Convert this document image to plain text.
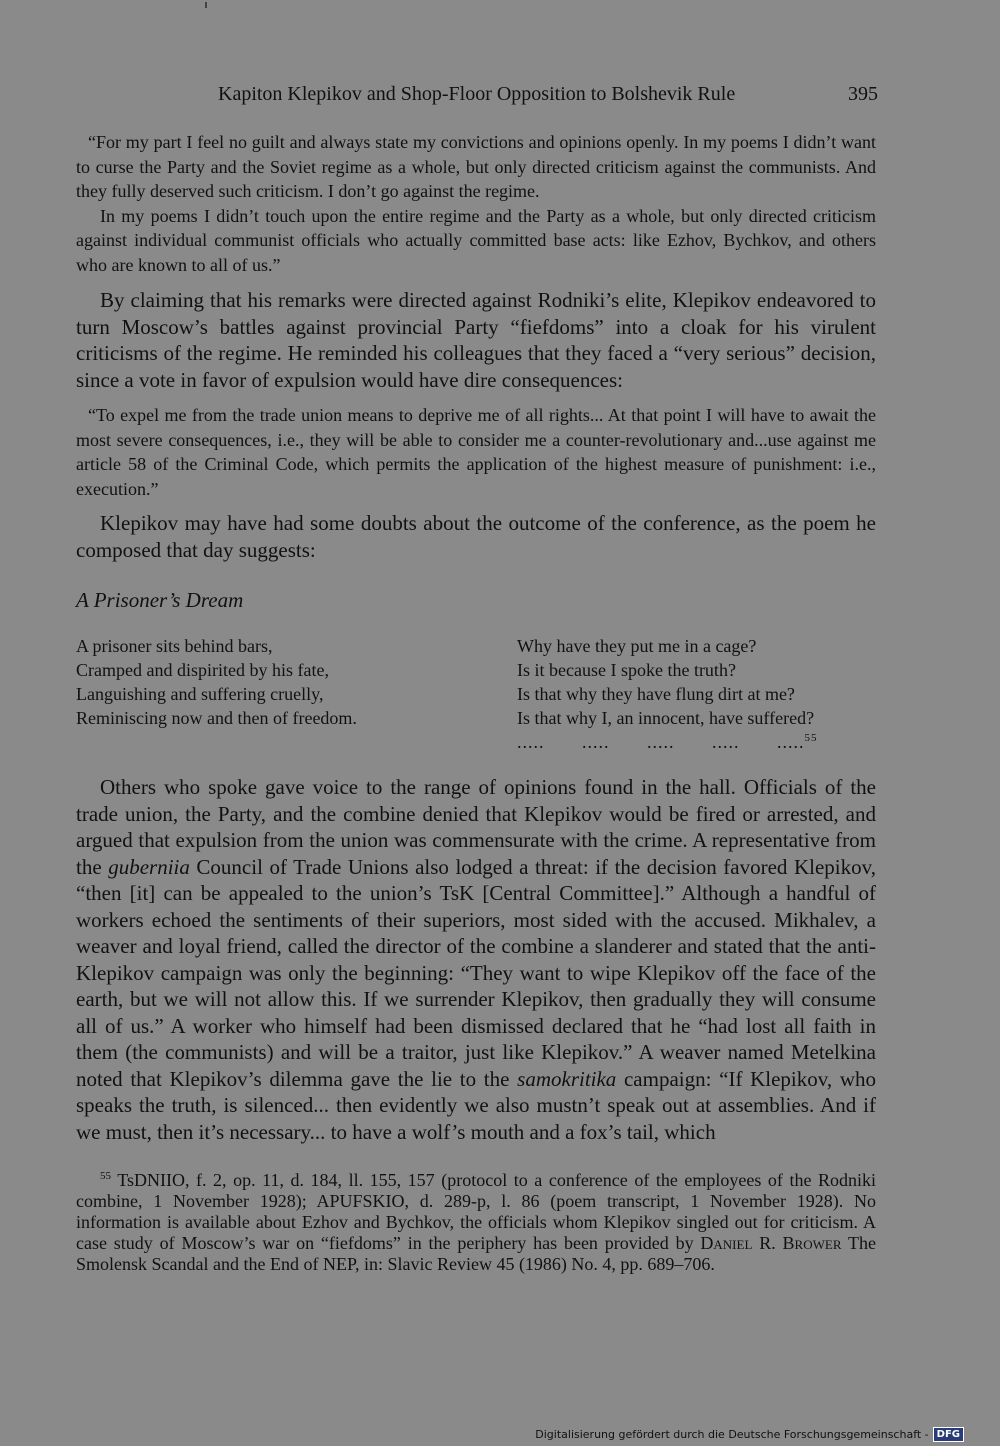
Kapiton Klepikov and Shop-Floor Opposition to Bolshevik Rule	395

“For my part I feel no guilt and always state my convictions and opinions openly. In my poems I didn’t want to curse the Party and the Soviet regime as a whole, but only directed criticism against the communists. And they fully deserved such criticism. I don’t go against the regime.

In my poems I didn’t touch upon the entire regime and the Party as a whole, but only directed criticism against individual communist officials who actually committed base acts: like Ezhov, Bychkov, and others who are known to all of us.”

By claiming that his remarks were directed against Rodniki’s elite, Klepikov endeavored to turn Moscow’s battles against provincial Party “fiefdoms” into a cloak for his virulent criticisms of the regime. He reminded his colleagues that they faced a “very serious” decision, since a vote in favor of expulsion would have dire consequences:

“To expel me from the trade union means to deprive me of all rights... At that point I will have to await the most severe consequences, i.e., they will be able to consider me a counter-revolutionary and...use against me article 58 of the Criminal Code, which permits the application of the highest measure of punishment: i.e., execution.”

Klepikov may have had some doubts about the outcome of the conference, as the poem he composed that day suggests:

A Prisoner’s Dream
A prisoner sits behind bars,
Cramped and dispirited by his fate,
Languishing and suffering cruelly,
Reminiscing now and then of freedom.
Why have they put me in a cage?
Is it because I spoke the truth?
Is that why they have flung dirt at me?
Is that why I, an innocent, have suffered?
.....	.....	.....	.....	.....$^{55}$

Others who spoke gave voice to the range of opinions found in the hall. Officials of the trade union, the Party, and the combine denied that Klepikov would be fired or arrested, and argued that expulsion from the union was commensurate with the crime. A representative from the guberniia Council of Trade Unions also lodged a threat: if the decision favored Klepikov, “then [it] can be appealed to the union’s TsK [Central Committee].” Although a handful of workers echoed the sentiments of their superiors, most sided with the accused. Mikhalev, a weaver and loyal friend, called the director of the combine a slanderer and stated that the anti-Klepikov campaign was only the beginning: “They want to wipe Klepikov off the face of the earth, but we will not allow this. If we surrender Klepikov, then gradually they will consume all of us.” A worker who himself had been dismissed declared that he “had lost all faith in them (the communists) and will be a traitor, just like Klepikov.” A weaver named Metelkina noted that Klepikov’s dilemma gave the lie to the samokritika campaign: “If Klepikov, who speaks the truth, is silenced... then evidently we also mustn’t speak out at assemblies. And if we must, then it’s necessary... to have a wolf’s mouth and a fox’s tail, which

$^{55}$ TsDNIIO, f. 2, op. 11, d. 184, ll. 155, 157 (protocol to a conference of the employees of the Rodniki combine, 1 November 1928); APUFSKIO, d. 289-p, l. 86 (poem transcript, 1 November 1928). No information is available about Ezhov and Bychkov, the officials whom Klepikov singled out for criticism. A case study of Moscow’s war on “fiefdoms” in the periphery has been provided by Daniel R. Brower The Smolensk Scandal and the End of NEP, in: Slavic Review 45 (1986) No. 4, pp. 689–706.
Digitalisierung gefördert durch die Deutsche Forschungsgemeinschaft - DFG
